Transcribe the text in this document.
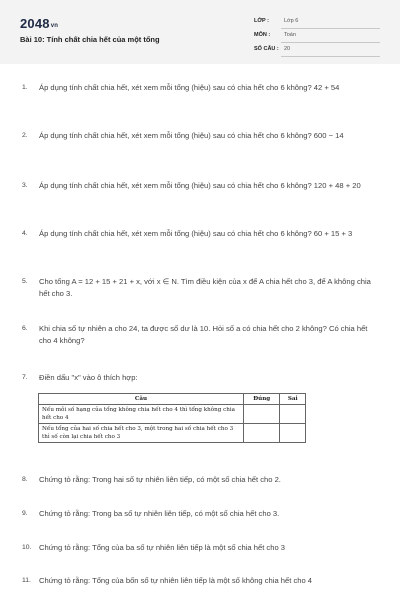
2048vn
Bài 10: Tính chất chia hết của một tổng
LỚP :	Lớp 6
MÔN :	Toán
SỐ CÂU : 20
1. Áp dụng tính chất chia hết, xét xem mỗi tổng (hiệu) sau có chia hết cho 6 không? 42 + 54
2. Áp dụng tính chất chia hết, xét xem mỗi tổng (hiệu) sau có chia hết cho 6 không? 600 − 14
3. Áp dụng tính chất chia hết, xét xem mỗi tổng (hiệu) sau có chia hết cho 6 không? 120 + 48 + 20
4. Áp dụng tính chất chia hết, xét xem mỗi tổng (hiệu) sau có chia hết cho 6 không? 60 + 15 + 3
5. Cho tổng A = 12 + 15 + 21 + x, với x ∈ N. Tìm điều kiện của x để A chia hết cho 3, để A không chia hết cho 3.
6. Khi chia số tự nhiên a cho 24, ta được số dư là 10. Hỏi số a có chia hết cho 2 không? Có chia hết cho 4 không?
7. Điền dấu "x" vào ô thích hợp:
Câu	Đúng	Sai
Nếu mỗi số hạng của tổng không chia hết cho 4 thì tổng không chia hết cho 4		
Nếu tổng của hai số chia hết cho 3, một trong hai số chia hết cho 3 thì số còn lại chia hết cho 3		
8. Chứng tỏ rằng: Trong hai số tự nhiên liên tiếp, có một số chia hết cho 2.
9. Chứng tỏ rằng: Trong ba số tự nhiên liên tiếp, có một số chia hết cho 3.
10. Chứng tỏ rằng: Tổng của ba số tự nhiên liên tiếp là một số chia hết cho 3
11. Chứng tỏ rằng: Tổng của bốn số tự nhiên liên tiếp là một số không chia hết cho 4
